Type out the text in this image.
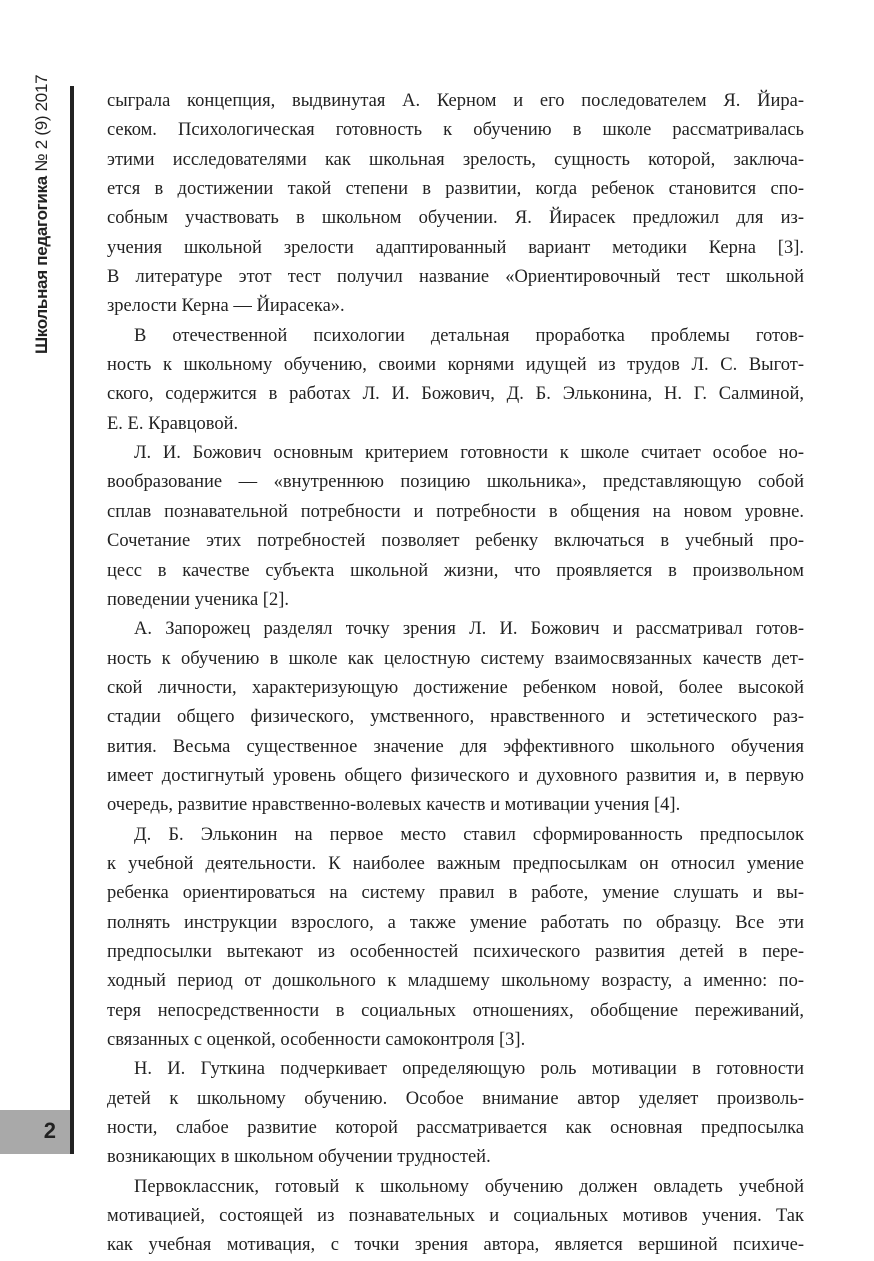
Школьная педагогика № 2 (9) 2017
2
сыграла концепция, выдвинутая А. Керном и его последователем Я. Йира-
секом. Психологическая готовность к обучению в школе рассматривалась
этими исследователями как школьная зрелость, сущность которой, заключа-
ется в достижении такой степени в развитии, когда ребенок становится спо-
собным участвовать в школьном обучении. Я. Йирасек предложил для из-
учения школьной зрелости адаптированный вариант методики Керна [3].
В литературе этот тест получил название «Ориентировочный тест школьной
зрелости Керна — Йирасека».
В отечественной психологии детальная проработка проблемы готов-
ность к школьному обучению, своими корнями идущей из трудов Л. С. Выгот-
ского, содержится в работах Л. И. Божович, Д. Б. Эльконина, Н. Г. Салминой,
Е. Е. Кравцовой.
Л. И. Божович основным критерием готовности к школе считает особое но-
вообразование — «внутреннюю позицию школьника», представляющую собой
сплав познавательной потребности и потребности в общения на новом уровне.
Сочетание этих потребностей позволяет ребенку включаться в учебный про-
цесс в качестве субъекта школьной жизни, что проявляется в произвольном
поведении ученика [2].
А. Запорожец разделял точку зрения Л. И. Божович и рассматривал готов-
ность к обучению в школе как целостную систему взаимосвязанных качеств дет-
ской личности, характеризующую достижение ребенком новой, более высокой
стадии общего физического, умственного, нравственного и эстетического раз-
вития. Весьма существенное значение для эффективного школьного обучения
имеет достигнутый уровень общего физического и духовного развития и, в первую
очередь, развитие нравственно-волевых качеств и мотивации учения [4].
Д. Б. Эльконин на первое место ставил сформированность предпосылок
к учебной деятельности. К наиболее важным предпосылкам он относил умение
ребенка ориентироваться на систему правил в работе, умение слушать и вы-
полнять инструкции взрослого, а также умение работать по образцу. Все эти
предпосылки вытекают из особенностей психического развития детей в пере-
ходный период от дошкольного к младшему школьному возрасту, а именно: по-
теря непосредственности в социальных отношениях, обобщение переживаний,
связанных с оценкой, особенности самоконтроля [3].
Н. И. Гуткина подчеркивает определяющую роль мотивации в готовности
детей к школьному обучению. Особое внимание автор уделяет произволь-
ности, слабое развитие которой рассматривается как основная предпосылка
возникающих в школьном обучении трудностей.
Первоклассник, готовый к школьному обучению должен овладеть учебной
мотивацией, состоящей из познавательных и социальных мотивов учения. Так
как учебная мотивация, с точки зрения автора, является вершиной психиче-
